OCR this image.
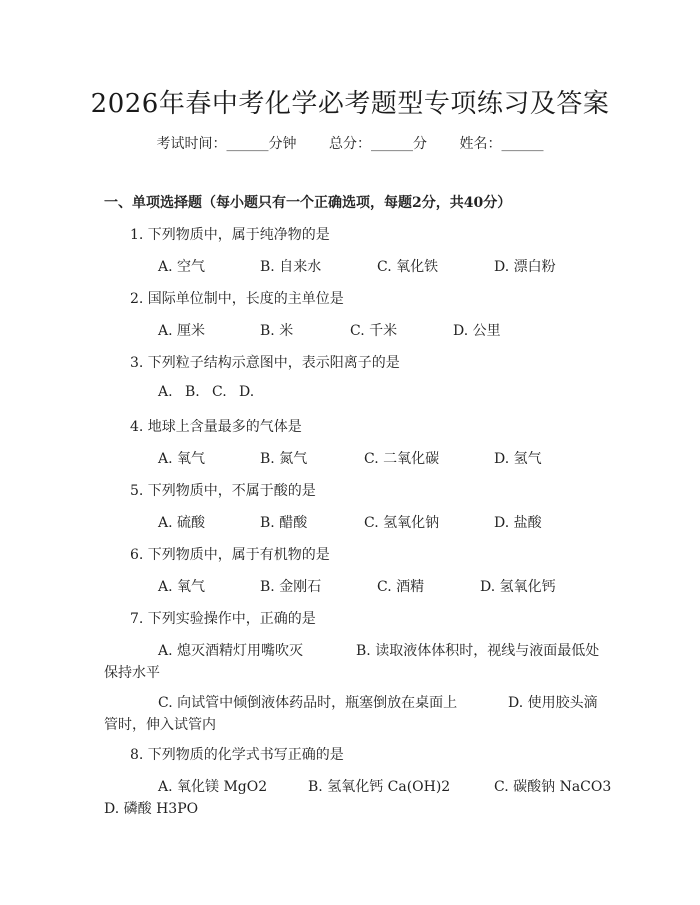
2026年春中考化学必考题型专项练习及答案
考试时间：______分钟 总分：______分 姓名：______
一、单项选择题（每小题只有一个正确选项，每题2分，共40分）
1. 下列物质中，属于纯净物的是
A. 空气	B. 自来水	C. 氧化铁	D. 漂白粉
2. 国际单位制中，长度的主单位是
A. 厘米	B. 米	C. 千米	D. 公里
3. 下列粒子结构示意图中，表示阳离子的是
A. B. C. D.
4. 地球上含量最多的气体是
A. 氧气	B. 氮气	C. 二氧化碳	D. 氢气
5. 下列物质中，不属于酸的是
A. 硫酸	B. 醋酸	C. 氢氧化钠	D. 盐酸
6. 下列物质中，属于有机物的是
A. 氧气	B. 金刚石	C. 酒精	D. 氢氧化钙
7. 下列实验操作中，正确的是
A. 熄灭酒精灯用嘴吹灭	B. 读取液体体积时，视线与液面最低处
保持水平
C. 向试管中倾倒液体药品时，瓶塞倒放在桌面上	D. 使用胶头滴
管时，伸入试管内
8. 下列物质的化学式书写正确的是
A. 氧化镁 MgO2	B. 氢氧化钙 Ca(OH)2	C. 碳酸钠 NaCO3
D. 磷酸 H3PO
